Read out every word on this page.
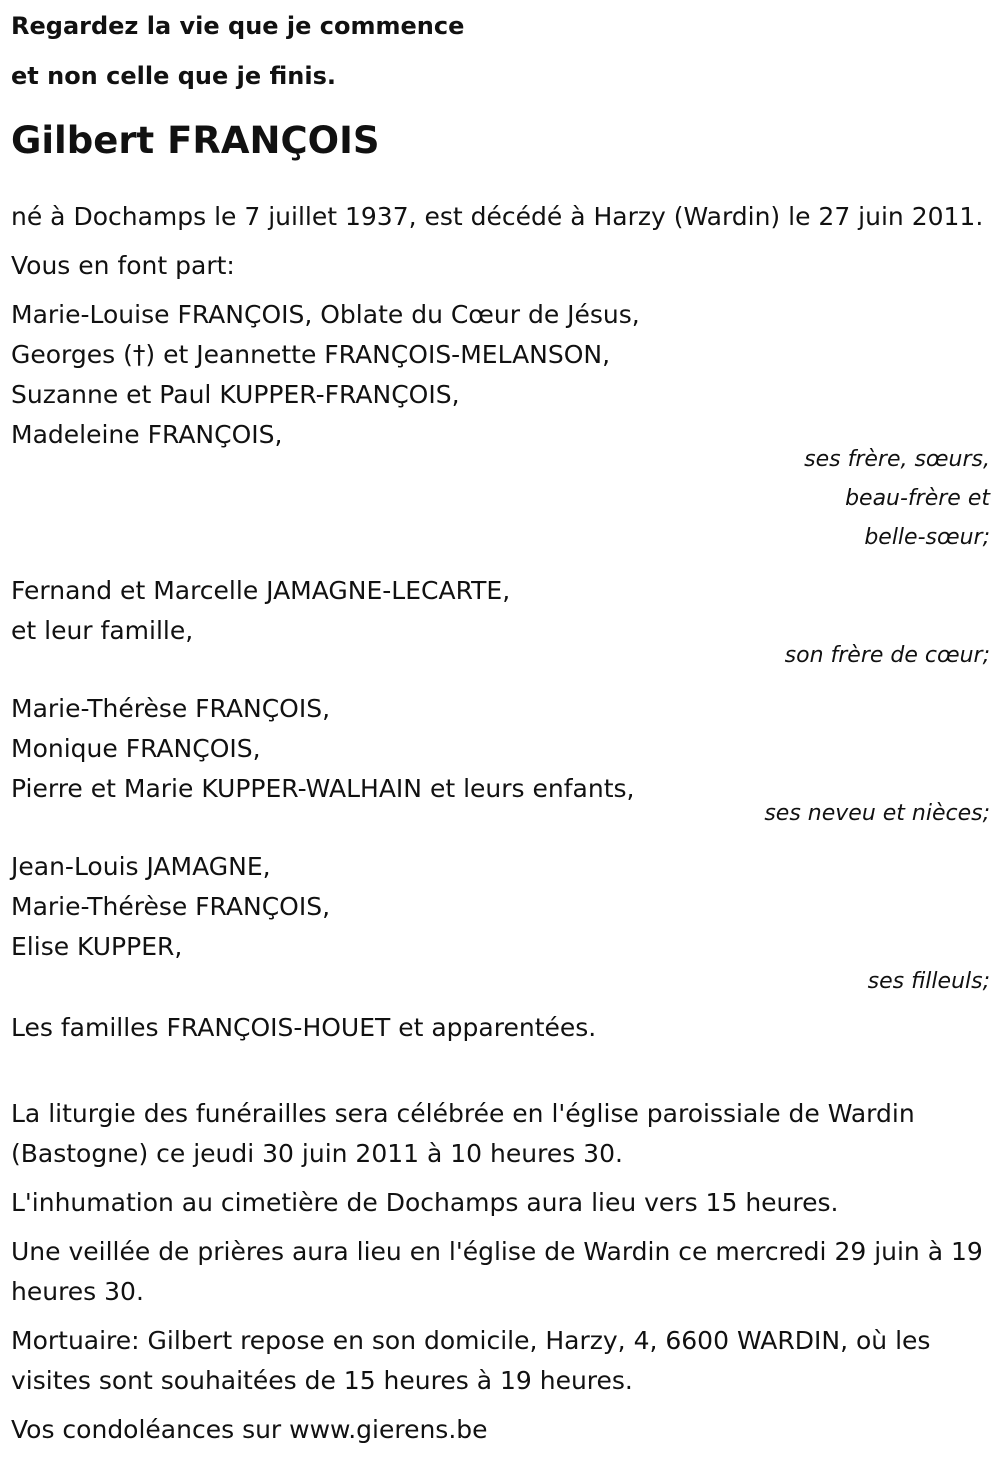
Regardez la vie que je commence

et non celle que je finis.

Gilbert FRANÇOIS

né à Dochamps le 7 juillet 1937, est décédé à Harzy (Wardin) le 27 juin 2011.

Vous en font part:

Marie-Louise FRANÇOIS, Oblate du Cœur de Jésus,
Georges (†) et Jeannette FRANÇOIS-MELANSON,
Suzanne et Paul KUPPER-FRANÇOIS,
Madeleine FRANÇOIS,
ses frère, sœurs,
beau-frère et
belle-sœur;
Fernand et Marcelle JAMAGNE-LECARTE,
et leur famille,
son frère de cœur;
Marie-Thérèse FRANÇOIS,
Monique FRANÇOIS,
Pierre et Marie KUPPER-WALHAIN et leurs enfants,
ses neveu et nièces;
Jean-Louis JAMAGNE,
Marie-Thérèse FRANÇOIS,
Elise KUPPER,
ses filleuls;

Les familles FRANÇOIS-HOUET et apparentées.

La liturgie des funérailles sera célébrée en l'église paroissiale de Wardin (Bastogne) ce jeudi 30 juin 2011 à 10 heures 30.

L'inhumation au cimetière de Dochamps aura lieu vers 15 heures.

Une veillée de prières aura lieu en l'église de Wardin ce mercredi 29 juin à 19 heures 30.

Mortuaire: Gilbert repose en son domicile, Harzy, 4, 6600 WARDIN, où les visites sont souhaitées de 15 heures à 19 heures.

Vos condoléances sur www.gierens.be
